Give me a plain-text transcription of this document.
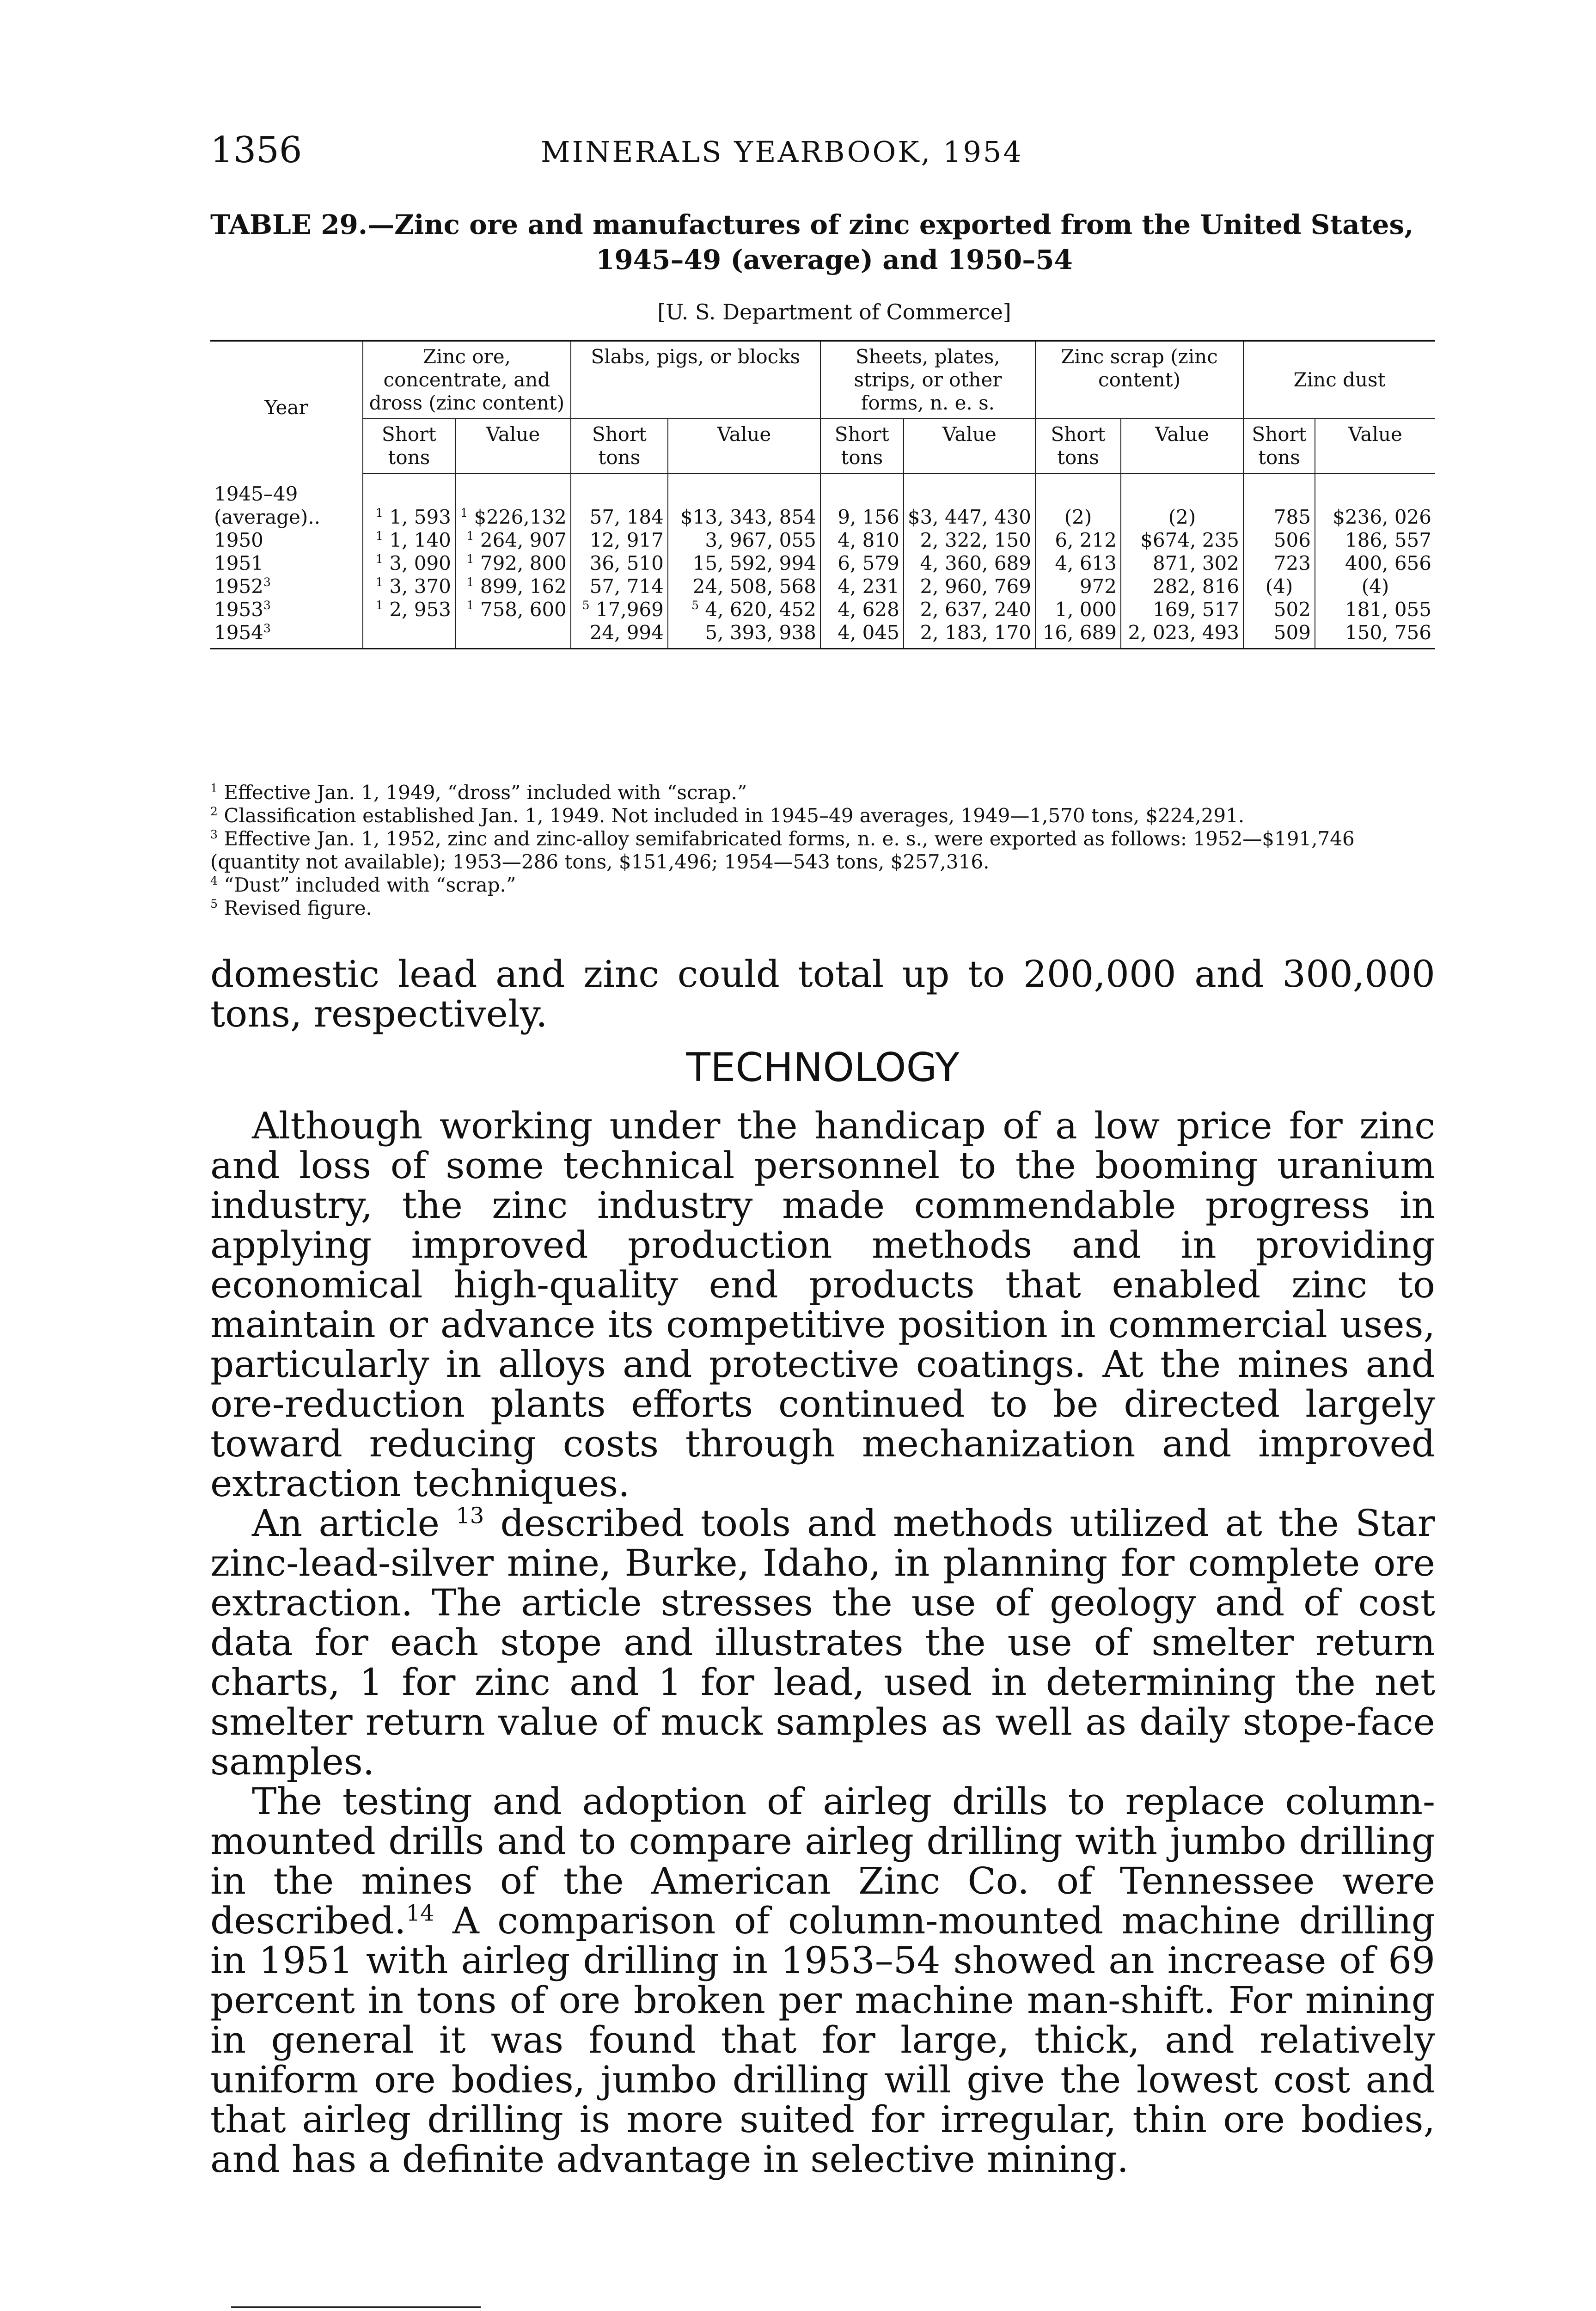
1356	MINERALS YEARBOOK, 1954
TABLE 29.—Zinc ore and manufactures of zinc exported from the United States,
1945–49 (average) and 1950–54
[U. S. Department of Commerce]
Year	Zinc ore, concentrate, and dross (zinc content)		Slabs, pigs, or blocks		Sheets, plates, strips, or other forms, n. e. s.		Zinc scrap (zinc content)		Zinc dust	
	Short tons	Value	Short tons	Value	Short tons	Value	Short tons	Value	Short tons	Value
1945–49
(average)..	$^1$ 1, 593	$^1$ $226,132	57, 184	$13, 343, 854	9, 156	$3, 447, 430	(2)	(2)	785	$236, 026
1950	$^1$ 1, 140	$^1$ 264, 907	12, 917	3, 967, 055	4, 810	2, 322, 150	6, 212	$674, 235	506	186, 557
1951	$^1$ 3, 090	$^1$ 792, 800	36, 510	15, 592, 994	6, 579	4, 360, 689	4, 613	871, 302	723	400, 656
1952$^3$	$^1$ 3, 370	$^1$ 899, 162	57, 714	24, 508, 568	4, 231	2, 960, 769	972	282, 816	(4)	(4)
1953$^3$	$^1$ 2, 953	$^1$ 758, 600	$^5$ 17,969	$^5$ 4, 620, 452	4, 628	2, 637, 240	1, 000	169, 517	502	181, 055
1954$^3$			24, 994	5, 393, 938	4, 045	2, 183, 170	16, 689	2, 023, 493	509	150, 756
$^1$ Effective Jan. 1, 1949, “dross” included with “scrap.”
$^2$ Classification established Jan. 1, 1949. Not included in 1945–49 averages, 1949—1,570 tons, $224,291.
$^3$ Effective Jan. 1, 1952, zinc and zinc-alloy semifabricated forms, n. e. s., were exported as follows: 1952—$191,746 (quantity not available); 1953—286 tons, $151,496; 1954—543 tons, $257,316.
$^4$ “Dust” included with “scrap.”
$^5$ Revised figure.

domestic lead and zinc could total up to 200,000 and 300,000 tons, respectively.

TECHNOLOGY

Although working under the handicap of a low price for zinc and loss of some technical personnel to the booming uranium industry, the zinc industry made commendable progress in applying improved production methods and in providing economical high-quality end products that enabled zinc to maintain or advance its competitive position in commercial uses, particularly in alloys and protective coatings. At the mines and ore-reduction plants efforts continued to be directed largely toward reducing costs through mechanization and improved extraction techniques.

An article $^{13}$ described tools and methods utilized at the Star zinc-lead-silver mine, Burke, Idaho, in planning for complete ore extraction. The article stresses the use of geology and of cost data for each stope and illustrates the use of smelter return charts, 1 for zinc and 1 for lead, used in determining the net smelter return value of muck samples as well as daily stope-face samples.

The testing and adoption of airleg drills to replace column-mounted drills and to compare airleg drilling with jumbo drilling in the mines of the American Zinc Co. of Tennessee were described.$^{14}$ A comparison of column-mounted machine drilling in 1951 with airleg drilling in 1953–54 showed an increase of 69 percent in tons of ore broken per machine man-shift. For mining in general it was found that for large, thick, and relatively uniform ore bodies, jumbo drilling will give the lowest cost and that airleg drilling is more suited for irregular, thin ore bodies, and has a definite advantage in selective mining.
